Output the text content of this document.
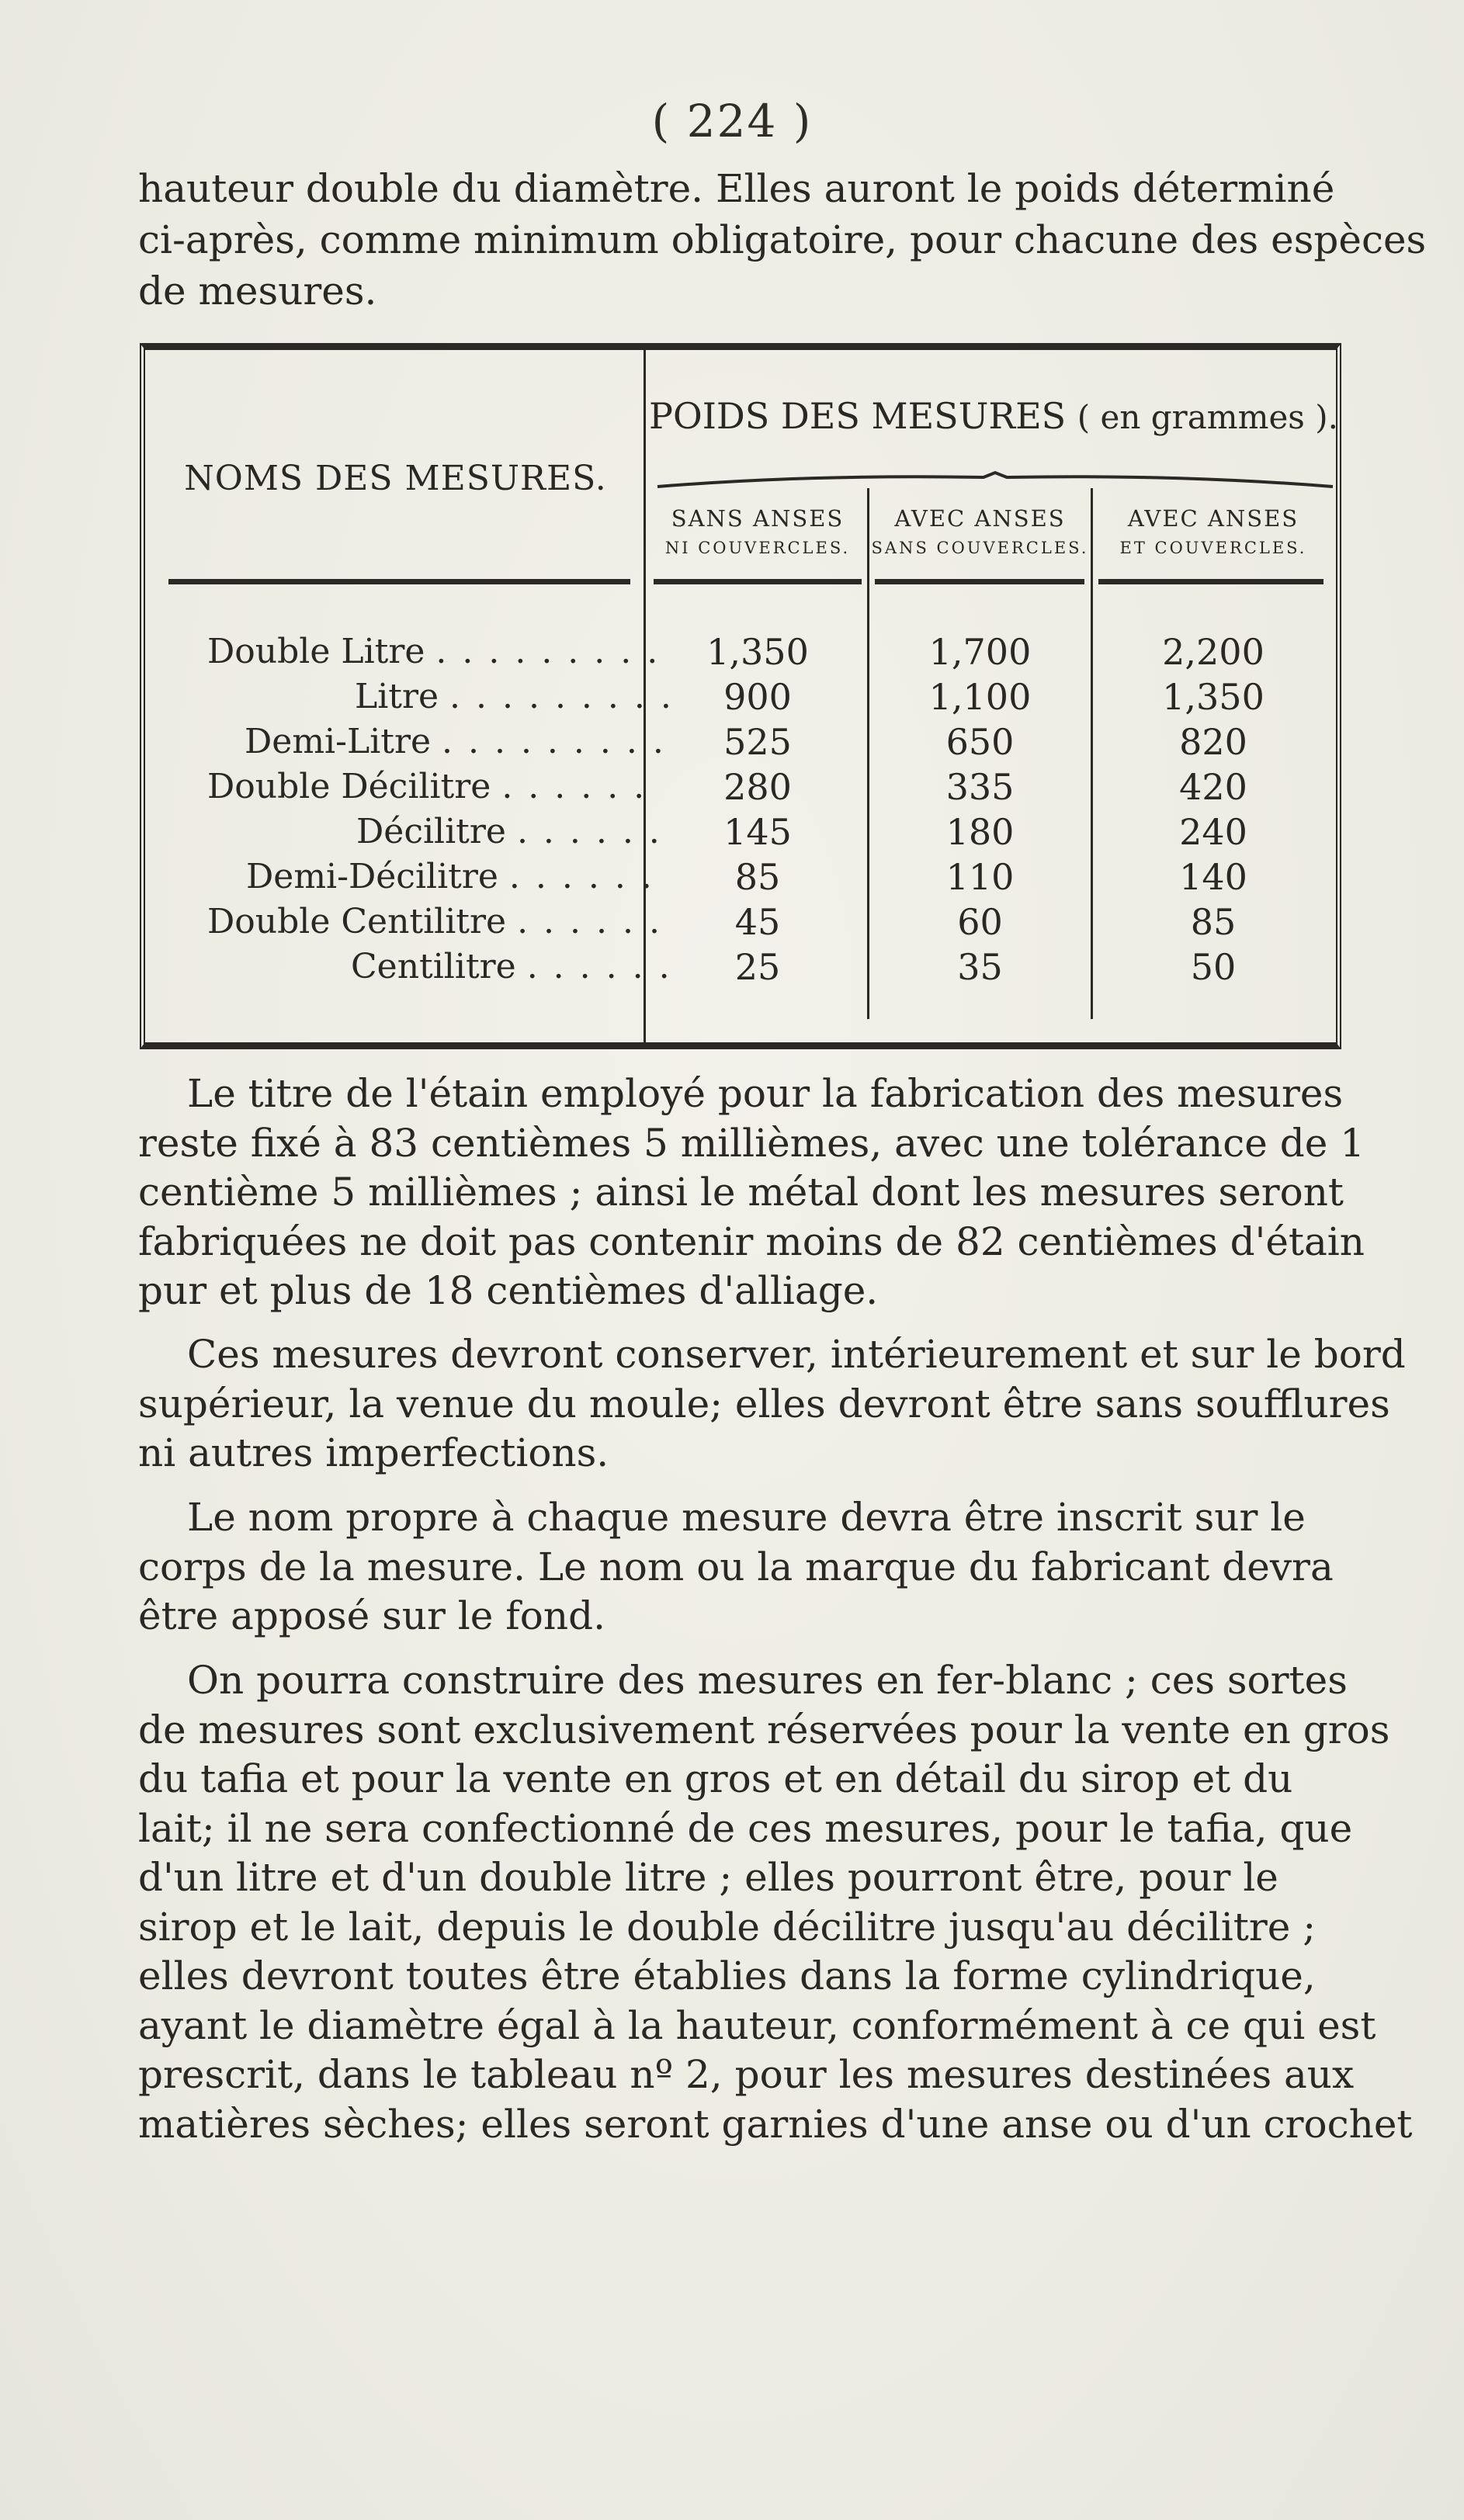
( 224 )
hauteur double du diamètre. Elles auront le poids déterminé
ci-après, comme minimum obligatoire, pour chacune des espèces
de mesures.
NOMS DES MESURES.
POIDS DES MESURES ( en grammes ).
SANS ANSES
NI COUVERCLES.
AVEC ANSES
SANS COUVERCLES.
AVEC ANSES
ET COUVERCLES.
Double Litre . . . . . . . . .	1,350	1,700	2,200
Litre . . . . . . . . .	900	1,100	1,350
Demi-Litre . . . . . . . . .	525	650	820
Double Décilitre . . . . . .	280	335	420
Décilitre . . . . . .	145	180	240
Demi-Décilitre . . . . . .	85	110	140
Double Centilitre . . . . . .	45	60	85
Centilitre . . . . . .	25	35	50
Le titre de l'étain employé pour la fabrication des mesures
reste fixé à 83 centièmes 5 millièmes, avec une tolérance de 1
centième 5 millièmes ; ainsi le métal dont les mesures seront
fabriquées ne doit pas contenir moins de 82 centièmes d'étain
pur et plus de 18 centièmes d'alliage.
Ces mesures devront conserver, intérieurement et sur le bord
supérieur, la venue du moule; elles devront être sans soufflures
ni autres imperfections.
Le nom propre à chaque mesure devra être inscrit sur le
corps de la mesure. Le nom ou la marque du fabricant devra
être apposé sur le fond.
On pourra construire des mesures en fer-blanc ; ces sortes
de mesures sont exclusivement réservées pour la vente en gros
du tafia et pour la vente en gros et en détail du sirop et du
lait; il ne sera confectionné de ces mesures, pour le tafia, que
d'un litre et d'un double litre ; elles pourront être, pour le
sirop et le lait, depuis le double décilitre jusqu'au décilitre ;
elles devront toutes être établies dans la forme cylindrique,
ayant le diamètre égal à la hauteur, conformément à ce qui est
prescrit, dans le tableau nº 2, pour les mesures destinées aux
matières sèches; elles seront garnies d'une anse ou d'un crochet
